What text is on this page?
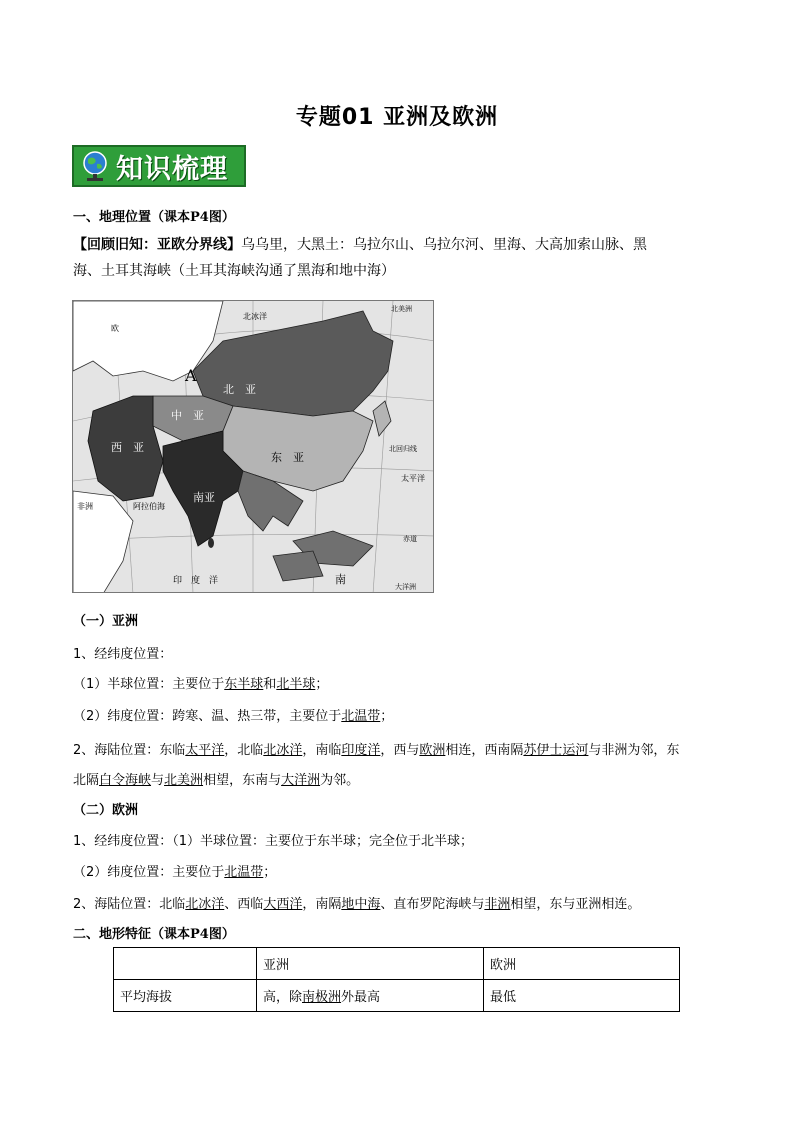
专题01 亚洲及欧洲
知识梳理
一、地理位置（课本P4图）
【回顾旧知：亚欧分界线】乌乌里，大黑土：乌拉尔山、乌拉尔河、里海、大高加索山脉、黑
海、土耳其海峡（土耳其海峡沟通了黑海和地中海）
北　亚
中　亚
西　亚
东　亚
南亚
南
A
欧
非洲	阿拉伯海
印　度　洋
北冰洋
太平洋
赤道
北回归线
大洋洲
北美洲
（一）亚洲
1、经纬度位置：
（1）半球位置：主要位于东半球和北半球；
（2）纬度位置：跨寒、温、热三带，主要位于北温带；
2、海陆位置：东临太平洋，北临北冰洋，南临印度洋，西与欧洲相连，西南隔苏伊士运河与非洲为邻，东
北隔白令海峡与北美洲相望，东南与大洋洲为邻。
（二）欧洲
1、经纬度位置：（1）半球位置：主要位于东半球；完全位于北半球；
（2）纬度位置：主要位于北温带；
2、海陆位置：北临北冰洋、西临大西洋，南隔地中海、直布罗陀海峡与非洲相望，东与亚洲相连。
二、地形特征（课本P4图）
	亚洲	欧洲
平均海拔	高，除南极洲外最高	最低
